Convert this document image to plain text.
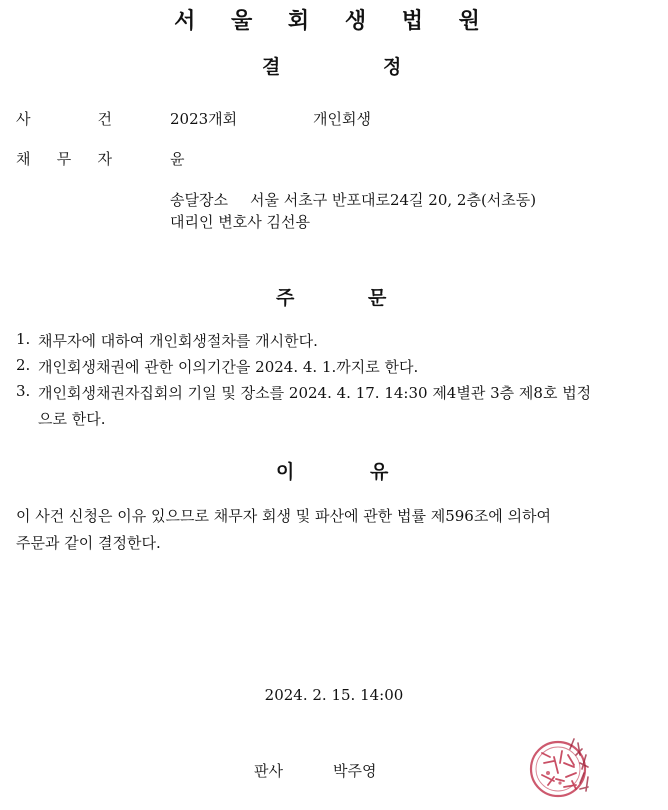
서 울 회 생 법 원
결	정
사	건	2023개회	개인회생
채 무 자	윤
송달장소 서울 서초구 반포대로24길 20, 2층(서초동)
대리인 변호사 김선용
주	문
1. 채무자에 대하여 개인회생절차를 개시한다.
2. 개인회생채권에 관한 이의기간을 2024. 4. 1.까지로 한다.
3. 개인회생채권자집회의 기일 및 장소를 2024. 4. 17. 14:30 제4별관 3층 제8호 법정
으로 한다.
이	유
이 사건 신청은 이유 있으므로 채무자 회생 및 파산에 관한 법률 제596조에 의하여
주문과 같이 결정한다.
2024. 2. 15. 14:00
판사	박주영
